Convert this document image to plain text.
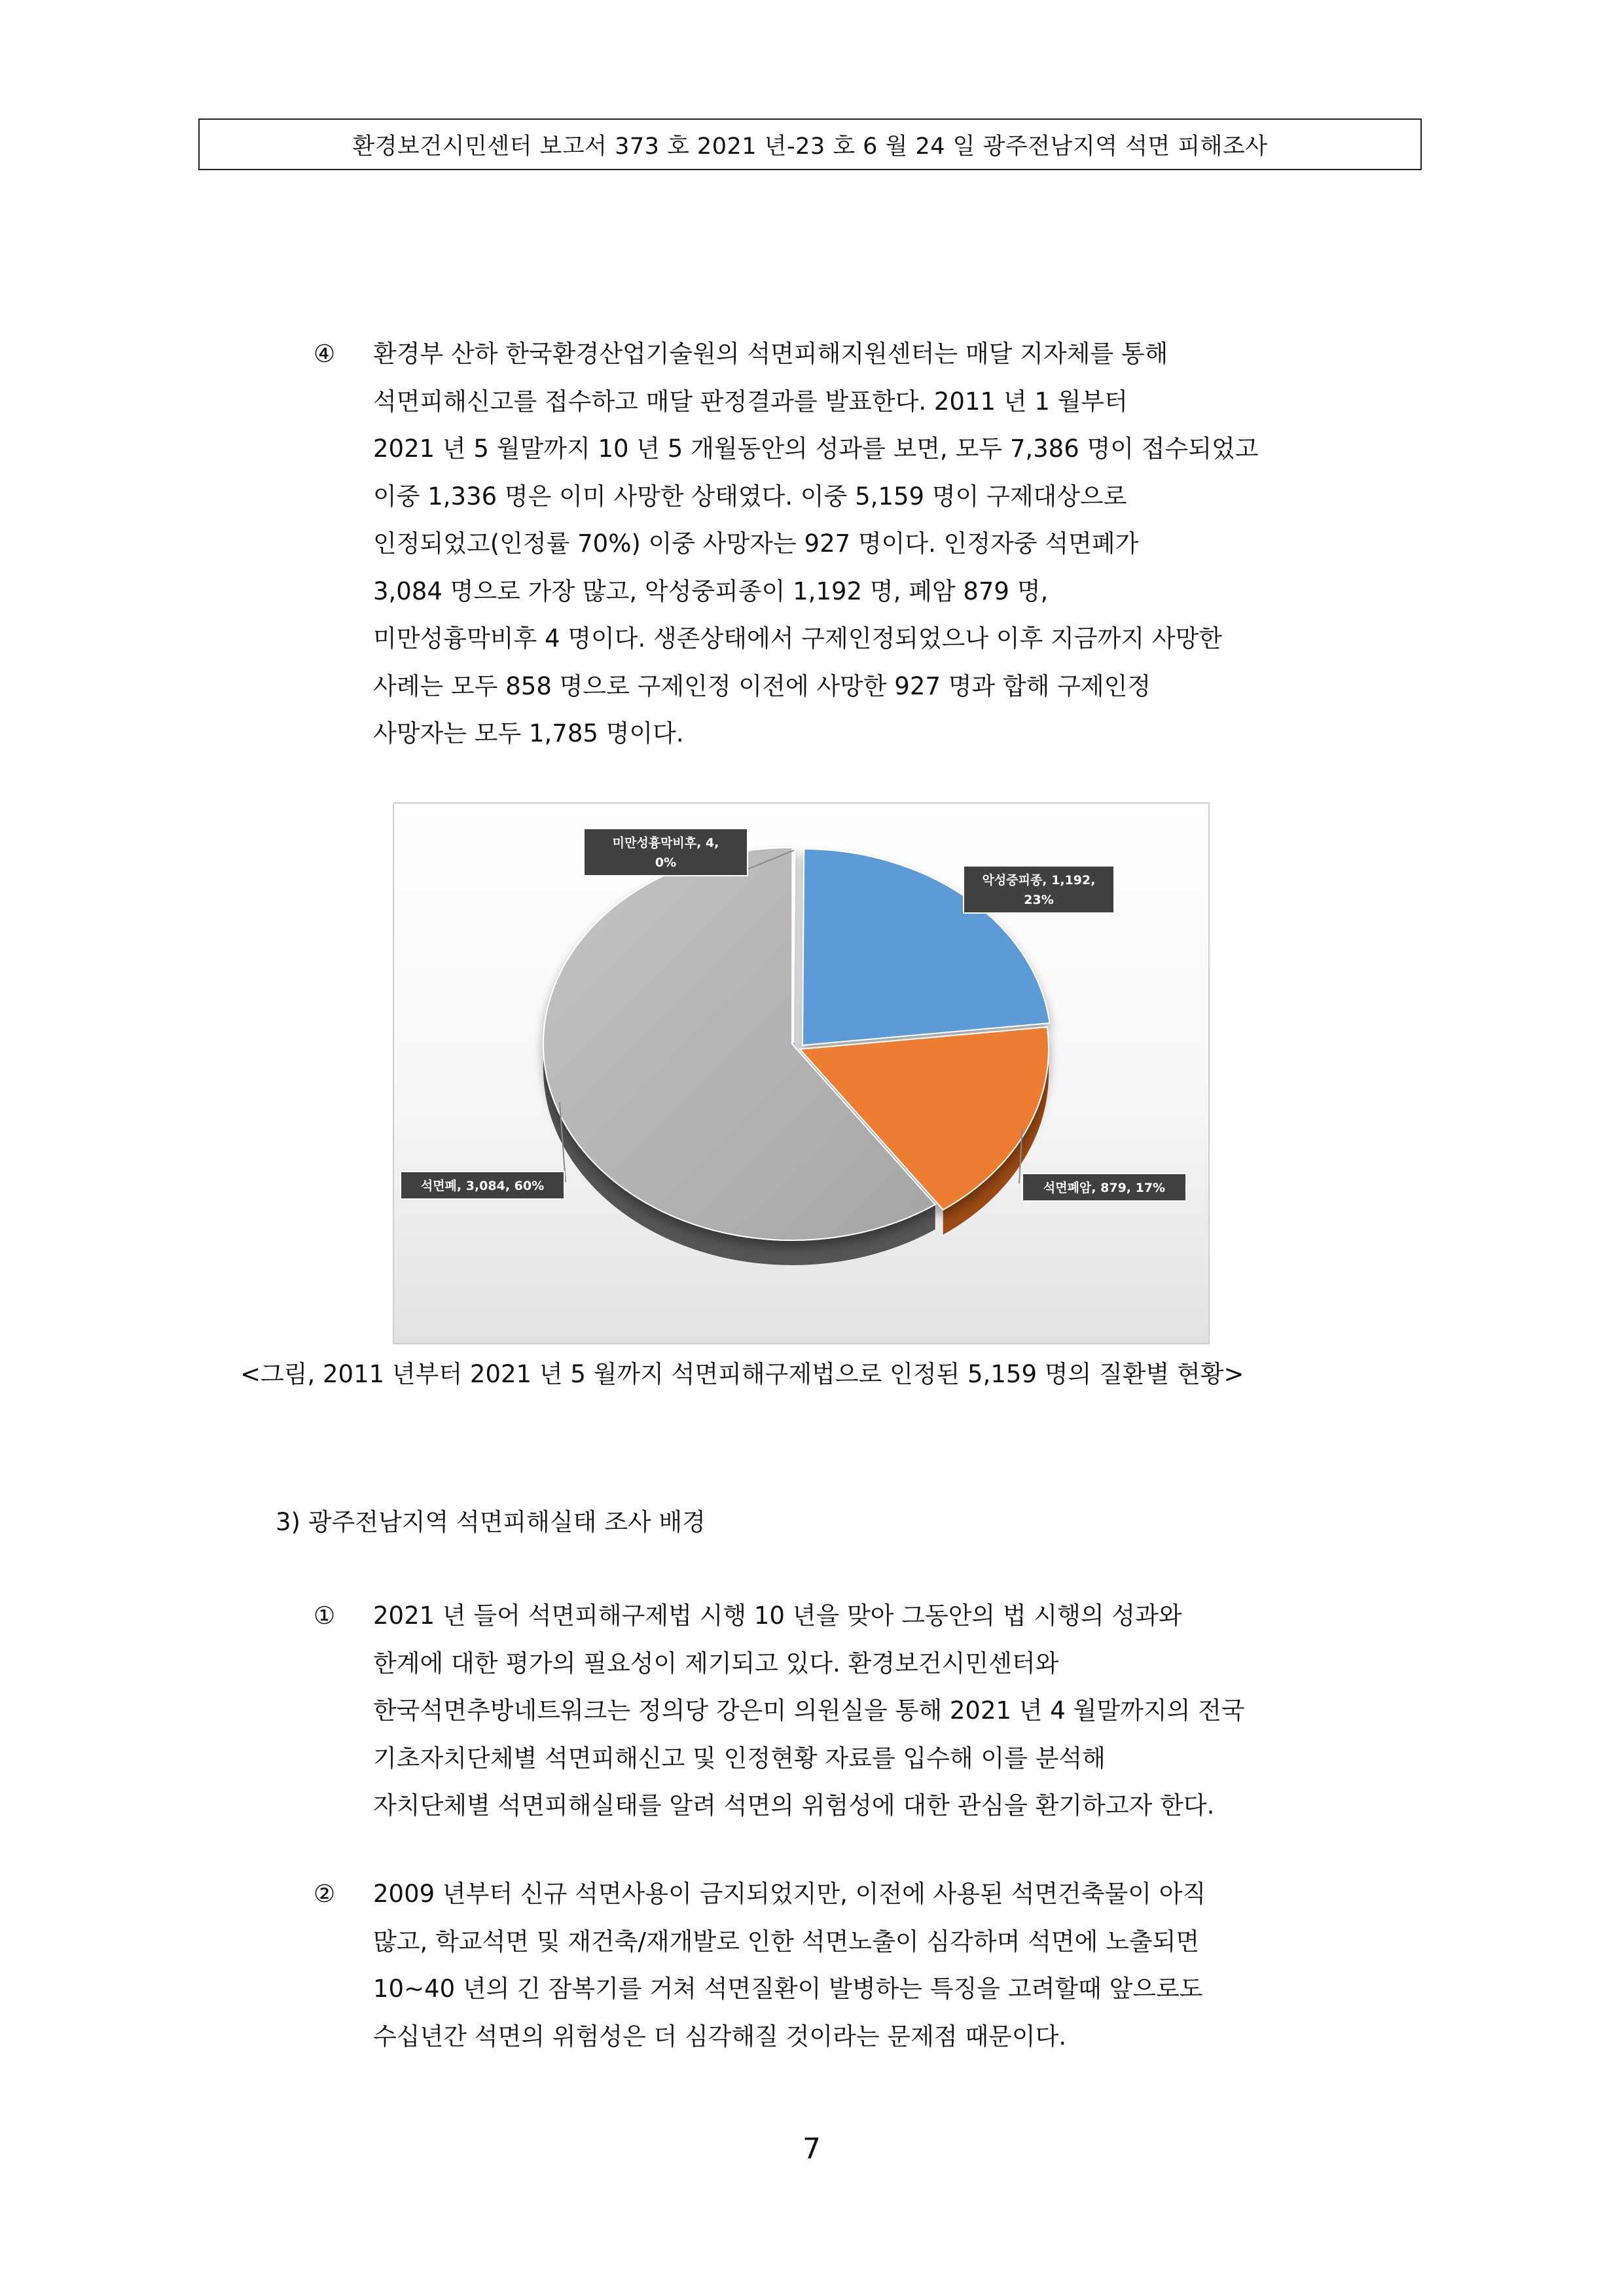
환경보건시민센터 보고서 373 호 2021 년-23 호 6 월 24 일 광주전남지역 석면 피해조사
④ 환경부 산하 한국환경산업기술원의 석면피해지원센터는 매달 지자체를 통해
석면피해신고를 접수하고 매달 판정결과를 발표한다. 2011 년 1 월부터
2021 년 5 월말까지 10 년 5 개월동안의 성과를 보면, 모두 7,386 명이 접수되었고
이중 1,336 명은 이미 사망한 상태였다. 이중 5,159 명이 구제대상으로
인정되었고(인정률 70%) 이중 사망자는 927 명이다. 인정자중 석면폐가
3,084 명으로 가장 많고, 악성중피종이 1,192 명, 폐암 879 명,
미만성흉막비후 4 명이다. 생존상태에서 구제인정되었으나 이후 지금까지 사망한
사례는 모두 858 명으로 구제인정 이전에 사망한 927 명과 합해 구제인정
사망자는 모두 1,785 명이다.
악성중피종, 1,192,
23%
석면폐암, 879, 17%
석면폐, 3,084, 60%
미만성흉막비후, 4,
0%
<그림, 2011 년부터 2021 년 5 월까지 석면피해구제법으로 인정된 5,159 명의 질환별 현황>
3) 광주전남지역 석면피해실태 조사 배경
① 2021 년 들어 석면피해구제법 시행 10 년을 맞아 그동안의 법 시행의 성과와
한계에 대한 평가의 필요성이 제기되고 있다. 환경보건시민센터와
한국석면추방네트워크는 정의당 강은미 의원실을 통해 2021 년 4 월말까지의 전국
기초자치단체별 석면피해신고 및 인정현황 자료를 입수해 이를 분석해
자치단체별 석면피해실태를 알려 석면의 위험성에 대한 관심을 환기하고자 한다.
② 2009 년부터 신규 석면사용이 금지되었지만, 이전에 사용된 석면건축물이 아직
많고, 학교석면 및 재건축/재개발로 인한 석면노출이 심각하며 석면에 노출되면
10~40 년의 긴 잠복기를 거쳐 석면질환이 발병하는 특징을 고려할때 앞으로도
수십년간 석면의 위험성은 더 심각해질 것이라는 문제점 때문이다.
7
